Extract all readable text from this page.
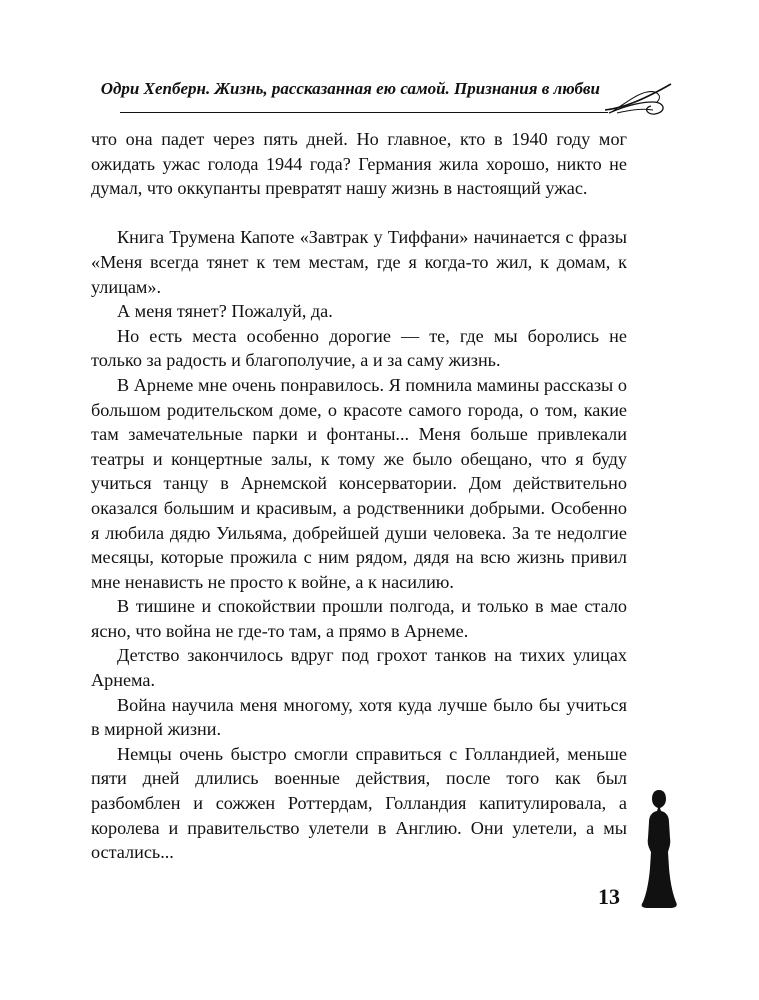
Одри Хепберн. Жизнь, рассказанная ею самой. Признания в любви

что она падет через пять дней. Но главное, кто в 1940 году мог ожидать ужас голода 1944 года? Германия жила хорошо, никто не думал, что оккупанты превратят нашу жизнь в настоящий ужас.

Книга Трумена Капоте «Завтрак у Тиффани» начинается с фразы «Меня всегда тянет к тем местам, где я когда-то жил, к домам, к улицам».

А меня тянет? Пожалуй, да.

Но есть места особенно дорогие — те, где мы боролись не только за радость и благополучие, а и за саму жизнь.

В Арнеме мне очень понравилось. Я помнила мамины рассказы о большом родительском доме, о красоте самого города, о том, какие там замечательные парки и фонтаны... Меня больше привлекали театры и концертные залы, к тому же было обещано, что я буду учиться танцу в Арнемской консерватории. Дом действительно оказался большим и красивым, а родственники добрыми. Особенно я любила дядю Уильяма, добрейшей души человека. За те недолгие месяцы, которые прожила с ним рядом, дядя на всю жизнь привил мне ненависть не просто к войне, а к насилию.

В тишине и спокойствии прошли полгода, и только в мае стало ясно, что война не где-то там, а прямо в Арнеме.

Детство закончилось вдруг под грохот танков на тихих улицах Арнема.

Война научила меня многому, хотя куда лучше было бы учиться в мирной жизни.

Немцы очень быстро смогли справиться с Голландией, меньше пяти дней длились военные действия, после того как был разбомблен и сожжен Роттердам, Голландия капитулировала, а королева и правительство улетели в Англию. Они улетели, а мы остались...

13
